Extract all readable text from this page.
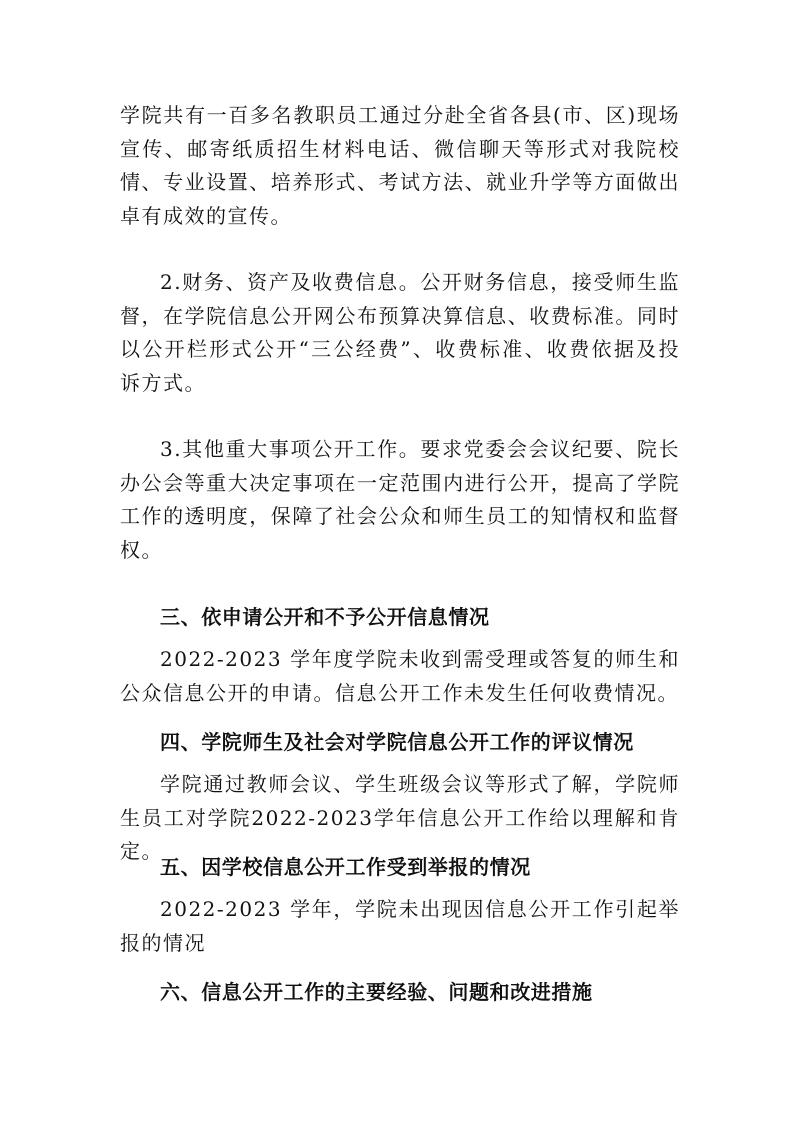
学院共有一百多名教职员工通过分赴全省各县(市、区)现场宣传、邮寄纸质招生材料电话、微信聊天等形式对我院校情、专业设置、培养形式、考试方法、就业升学等方面做出卓有成效的宣传。

2.财务、资产及收费信息。公开财务信息，接受师生监督，在学院信息公开网公布预算决算信息、收费标准。同时以公开栏形式公开“三公经费”、收费标准、收费依据及投诉方式。

3.其他重大事项公开工作。要求党委会会议纪要、院长办公会等重大决定事项在一定范围内进行公开，提高了学院工作的透明度，保障了社会公众和师生员工的知情权和监督权。

三、依申请公开和不予公开信息情况

2022-2023 学年度学院未收到需受理或答复的师生和公众信息公开的申请。信息公开工作未发生任何收费情况。

四、学院师生及社会对学院信息公开工作的评议情况

学院通过教师会议、学生班级会议等形式了解，学院师生员工对学院2022-2023学年信息公开工作给以理解和肯定。

五、因学校信息公开工作受到举报的情况

2022-2023 学年，学院未出现因信息公开工作引起举报的情况

六、信息公开工作的主要经验、问题和改进措施
